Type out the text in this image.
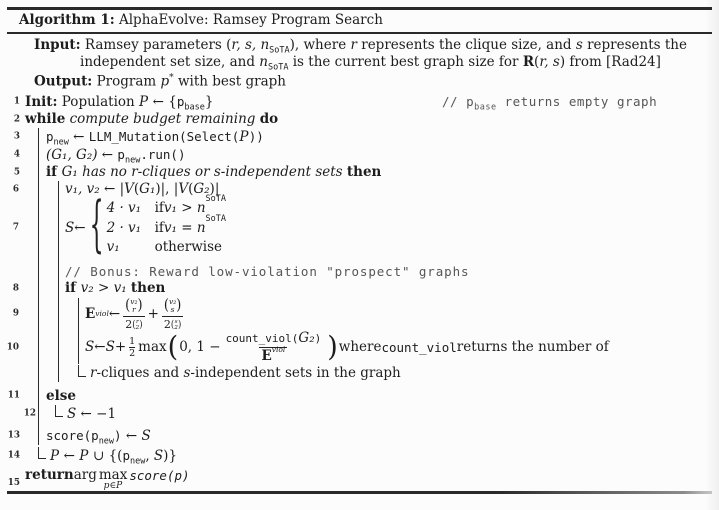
Algorithm 1: AlphaEvolve: Ramsey Program Search
Input: Ramsey parameters (r, s, $n_{SoTA}$), where r represents the clique size, and s represents the
independent set size, and $n_{SoTA}$ is the current best graph size for R(r, s) from [Rad24]
Output: Program p* with best graph
1 Init: Population P ← $\{p_{base}\}$	// $p_{base}$ returns empty graph
2 while compute budget remaining do
3 $p_{new}$ ← LLM_Mutation(Select(P))
4 (G₁, G₂) ← $p_{new}.run()$
5 if G₁ has no r-cliques or s-independent sets then
6	v₁, v₂ ← |V(G₁)|, |V(G₂)|
7	S ← { 4 · v₁ if v₁ > n
SoTA
2 · v₁ if v₁ = n
SoTA
v₁	otherwise
// Bonus: Reward low-violation "prospect" graphs
8	if v₂ > v₁ then
9	E viol ← ( v₂
r )
2 ( r
2 ) + ( v₂
s )
2 ( s
2 )
10	S ← $S + \frac{1}{2}$ max ( 0, $1 - \frac{\text{count\_viol( G₂ )}}{\text{E viol}}$ ) where count_viol returns the number of
r-cliques and s-independent sets in the graph
11 else
12 S ← −1
13 $score(p_{new})$ ← S
14 P ← P ∪ {($p_{new}$, S)}
15 return arg max
p∈P
score(p)
